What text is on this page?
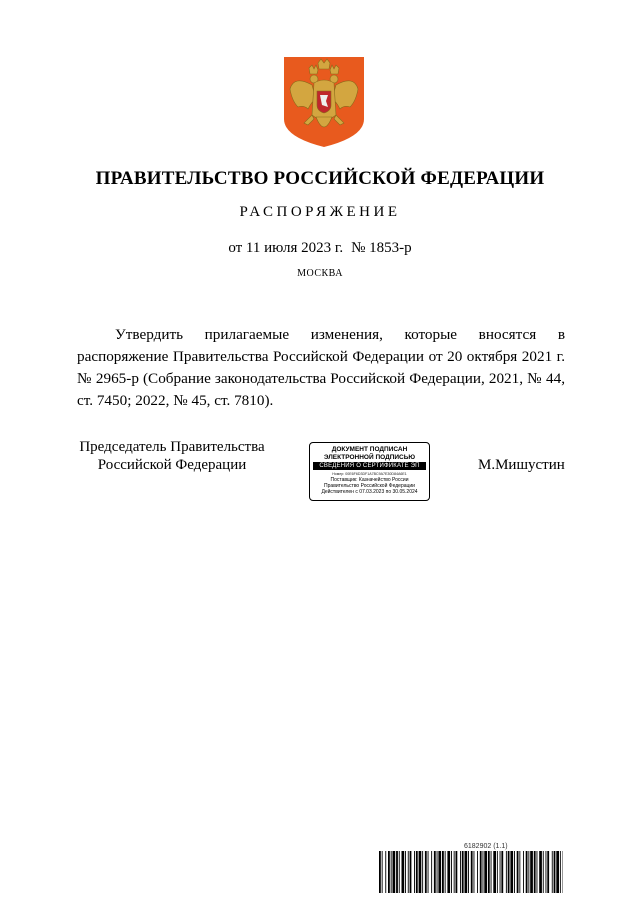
ПРАВИТЕЛЬСТВО РОССИЙСКОЙ ФЕДЕРАЦИИ
РАСПОРЯЖЕНИЕ
от 11 июля 2023 г. № 1853-р
МОСКВА
Утвердить прилагаемые изменения, которые вносятся в распоряжение Правительства Российской Федерации от 20 октября 2021 г. № 2965-р (Собрание законодательства Российской Федерации, 2021, № 44, ст. 7450; 2022, № 45, ст. 7810).
Председатель Правительства
Российской Федерации
ДОКУМЕНТ ПОДПИСАН
ЭЛЕКТРОННОЙ ПОДПИСЬЮ
СВЕДЕНИЯ О СЕРТИФИКАТЕ ЭП
Номер: 00E6F6D3DF1A7BC9A7E30D84A6E1
Поставщик: Казначейство России
Правительство Российской Федерации
Действителен с 07.03.2023 по 30.05.2024
М.Мишустин
6182902 (1.1)
